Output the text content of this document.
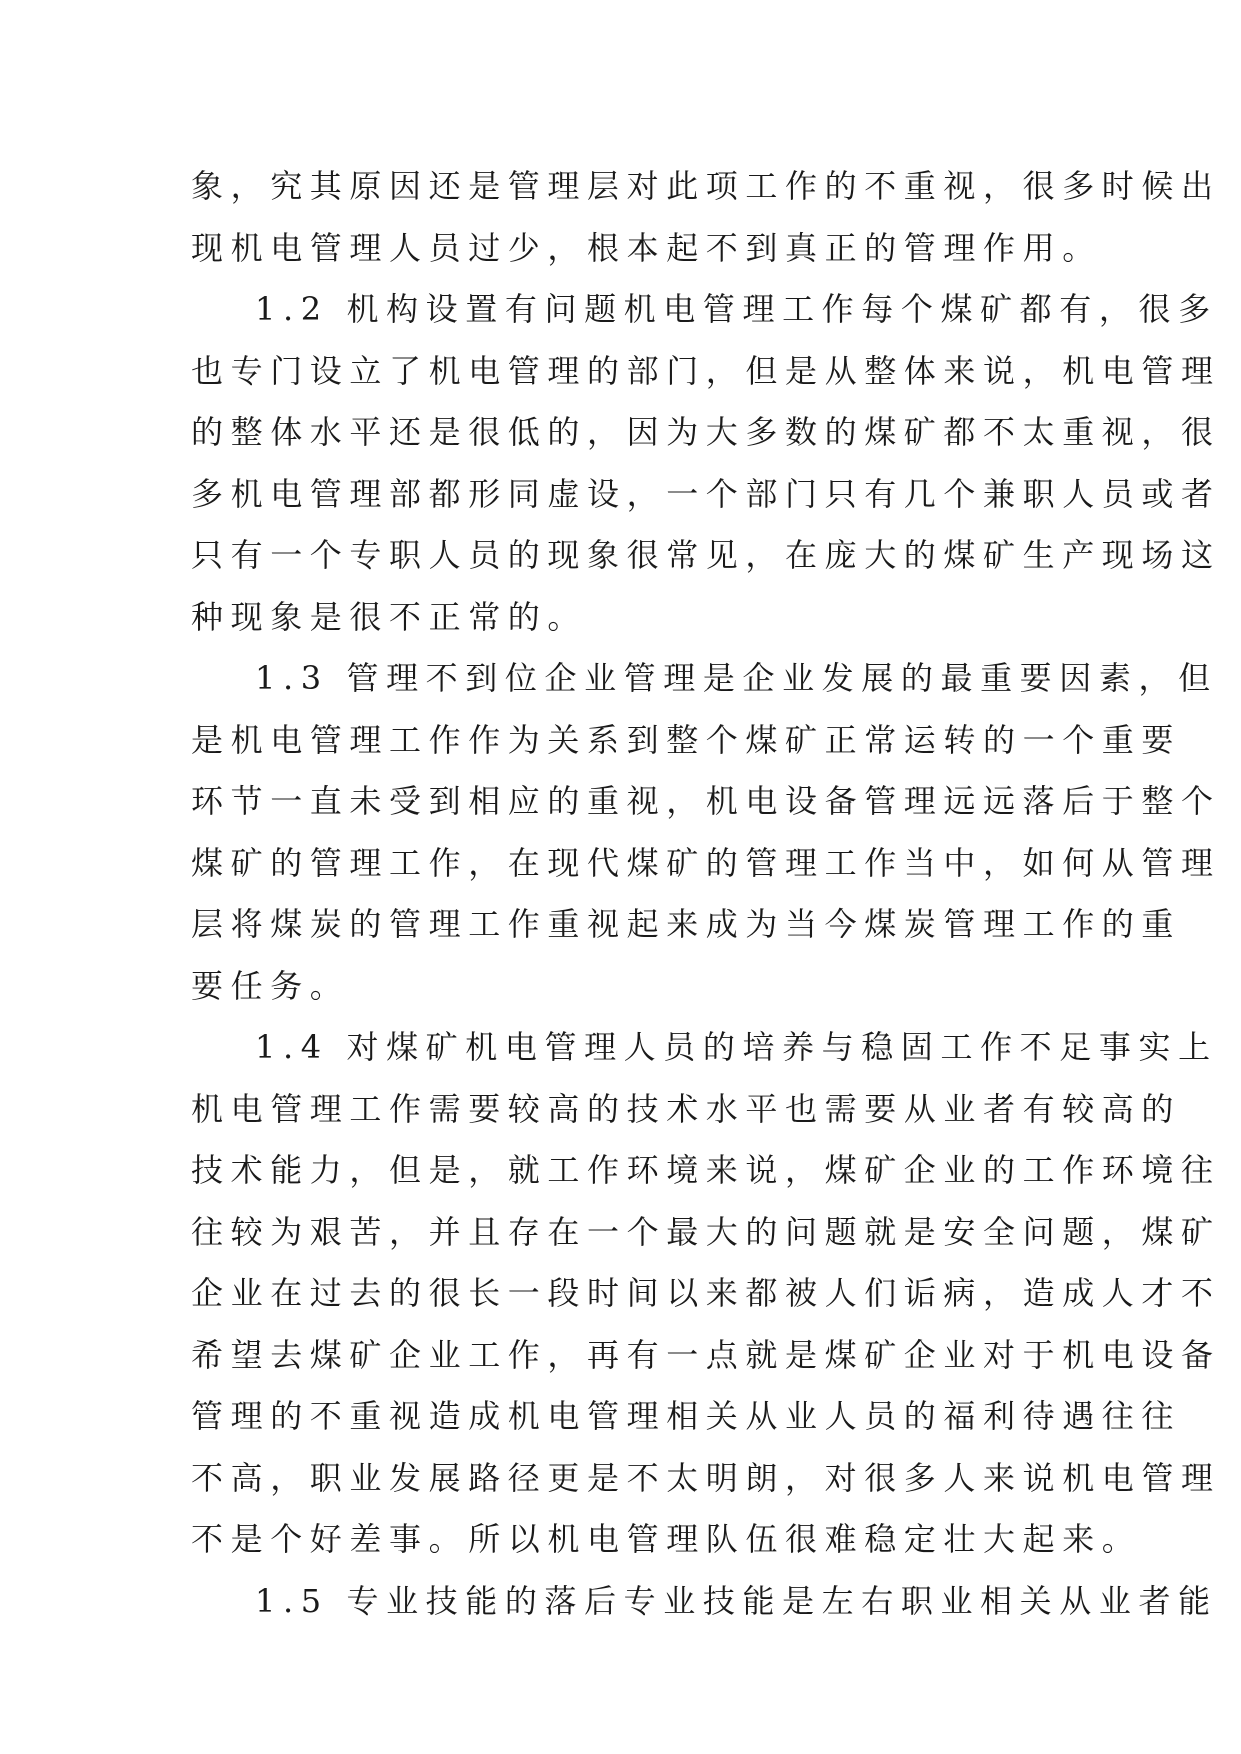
象，究其原因还是管理层对此项工作的不重视，很多时候出
现机电管理人员过少，根本起不到真正的管理作用。
1.2 机构设置有问题机电管理工作每个煤矿都有，很多
也专门设立了机电管理的部门，但是从整体来说，机电管理
的整体水平还是很低的，因为大多数的煤矿都不太重视，很
多机电管理部都形同虚设，一个部门只有几个兼职人员或者
只有一个专职人员的现象很常见，在庞大的煤矿生产现场这
种现象是很不正常的。
1.3 管理不到位企业管理是企业发展的最重要因素，但
是机电管理工作作为关系到整个煤矿正常运转的一个重要
环节一直未受到相应的重视，机电设备管理远远落后于整个
煤矿的管理工作，在现代煤矿的管理工作当中，如何从管理
层将煤炭的管理工作重视起来成为当今煤炭管理工作的重
要任务。
1.4 对煤矿机电管理人员的培养与稳固工作不足事实上
机电管理工作需要较高的技术水平也需要从业者有较高的
技术能力，但是，就工作环境来说，煤矿企业的工作环境往
往较为艰苦，并且存在一个最大的问题就是安全问题，煤矿
企业在过去的很长一段时间以来都被人们诟病，造成人才不
希望去煤矿企业工作，再有一点就是煤矿企业对于机电设备
管理的不重视造成机电管理相关从业人员的福利待遇往往
不高，职业发展路径更是不太明朗，对很多人来说机电管理
不是个好差事。所以机电管理队伍很难稳定壮大起来。
1.5 专业技能的落后专业技能是左右职业相关从业者能
